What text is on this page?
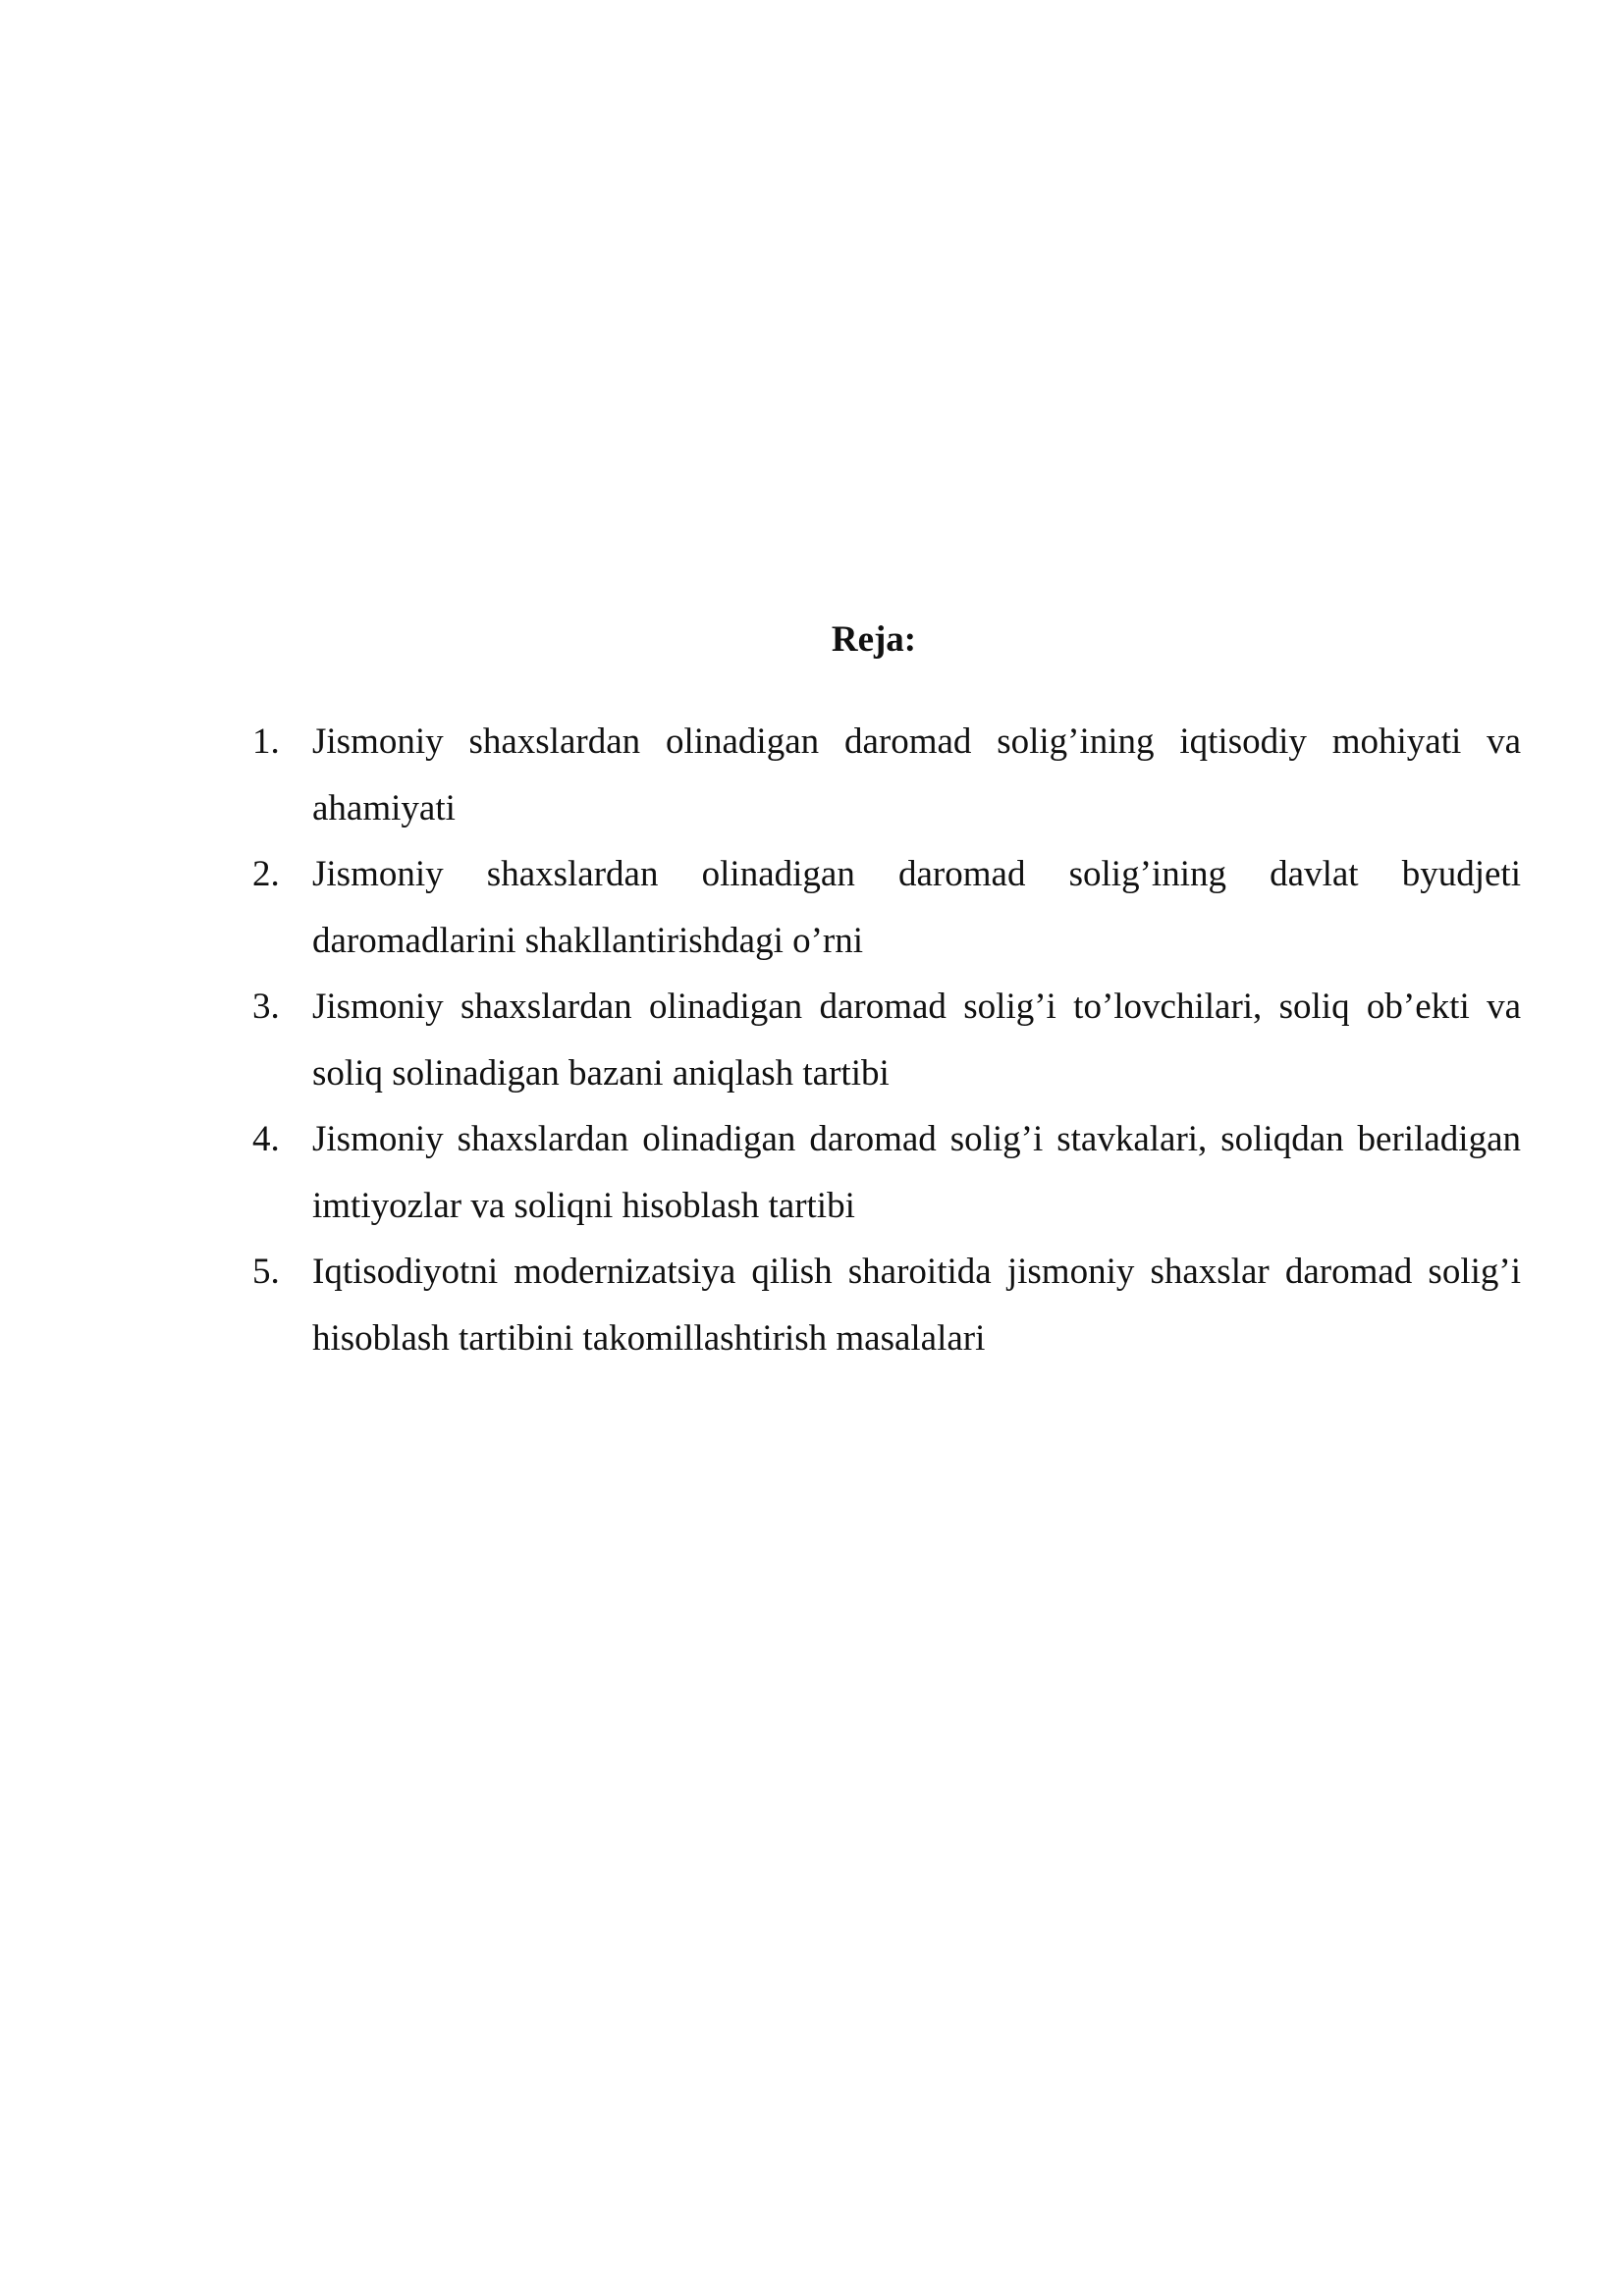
Reja:
1. Jismoniy shaxslardan olinadigan daromad solig’ining iqtisodiy mohiyati va ahamiyati
2. Jismoniy shaxslardan olinadigan daromad solig’ining davlat byudjeti daromadlarini shakllantirishdagi o’rni
3. Jismoniy shaxslardan olinadigan daromad solig’i to’lovchilari, soliq ob’ekti va soliq solinadigan bazani aniqlash tartibi
4. Jismoniy shaxslardan olinadigan daromad solig’i stavkalari, soliqdan beriladigan imtiyozlar va soliqni hisoblash tartibi
5. Iqtisodiyotni modernizatsiya qilish sharoitida jismoniy shaxslar daromad solig’i hisoblash tartibini takomillashtirish masalalari
